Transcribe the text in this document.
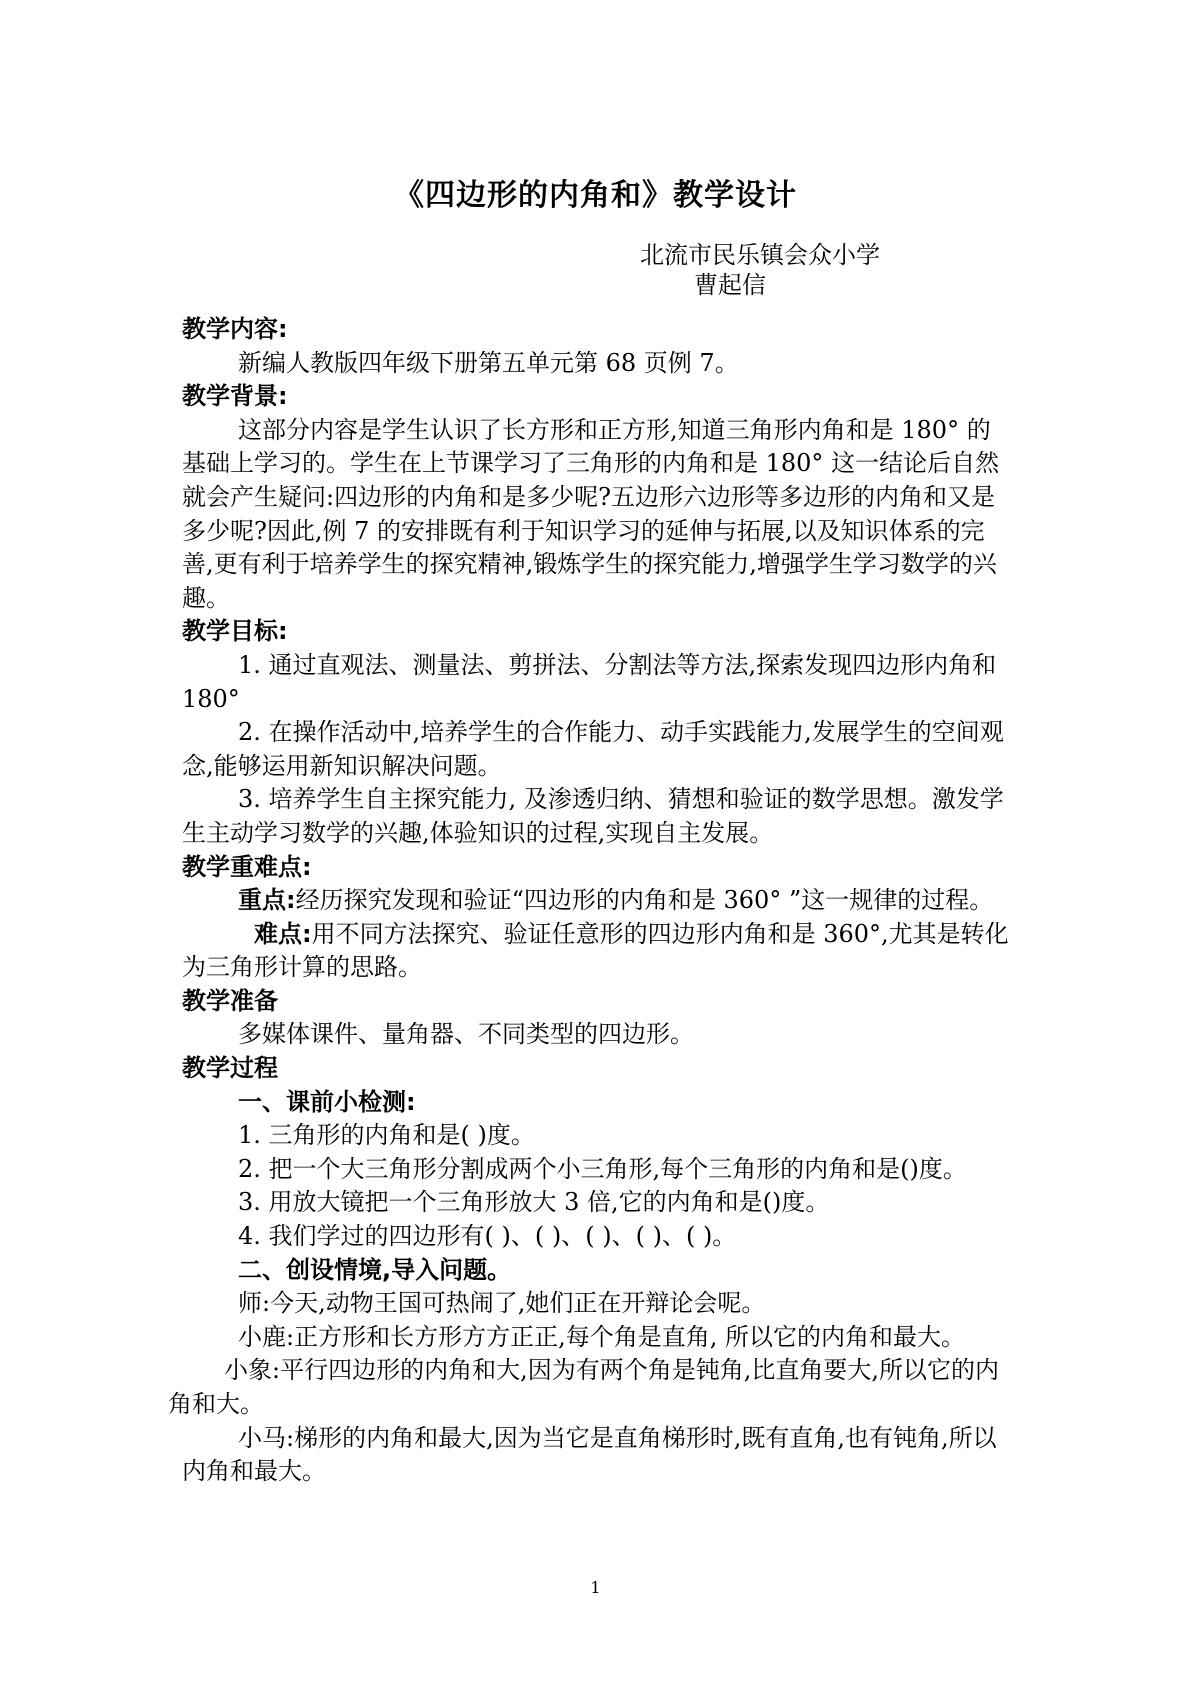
《四边形的内角和》教学设计
北流市民乐镇会众小学
曹起信

教学内容:

新编人教版四年级下册第五单元第 68 页例 7。

教学背景:

这部分内容是学生认识了长方形和正方形,知道三角形内角和是 180° 的基础上学习的。学生在上节课学习了三角形的内角和是 180° 这一结论后自然就会产生疑问:四边形的内角和是多少呢?五边形六边形等多边形的内角和又是多少呢?因此,例 7 的安排既有利于知识学习的延伸与拓展,以及知识体系的完善,更有利于培养学生的探究精神,锻炼学生的探究能力,增强学生学习数学的兴趣。

教学目标:

1. 通过直观法、测量法、剪拼法、分割法等方法,探索发现四边形内角和 180°

2. 在操作活动中,培养学生的合作能力、动手实践能力,发展学生的空间观念,能够运用新知识解决问题。

3. 培养学生自主探究能力, 及渗透归纳、猜想和验证的数学思想。激发学生主动学习数学的兴趣,体验知识的过程,实现自主发展。

教学重难点:

重点:经历探究发现和验证“四边形的内角和是 360° ”这一规律的过程。

难点:用不同方法探究、验证任意形的四边形内角和是 360°,尤其是转化为三角形计算的思路。

教学准备

多媒体课件、量角器、不同类型的四边形。

教学过程

一、课前小检测:

1. 三角形的内角和是( )度。

2. 把一个大三角形分割成两个小三角形,每个三角形的内角和是()度。

3. 用放大镜把一个三角形放大 3 倍,它的内角和是()度。

4. 我们学过的四边形有( )、( )、( )、( )、( )。

二、创设情境,导入问题。

师:今天,动物王国可热闹了,她们正在开辩论会呢。

小鹿:正方形和长方形方方正正,每个角是直角, 所以它的内角和最大。

小象:平行四边形的内角和大,因为有两个角是钝角,比直角要大,所以它的内角和大。

小马:梯形的内角和最大,因为当它是直角梯形时,既有直角,也有钝角,所以内角和最大。

1
